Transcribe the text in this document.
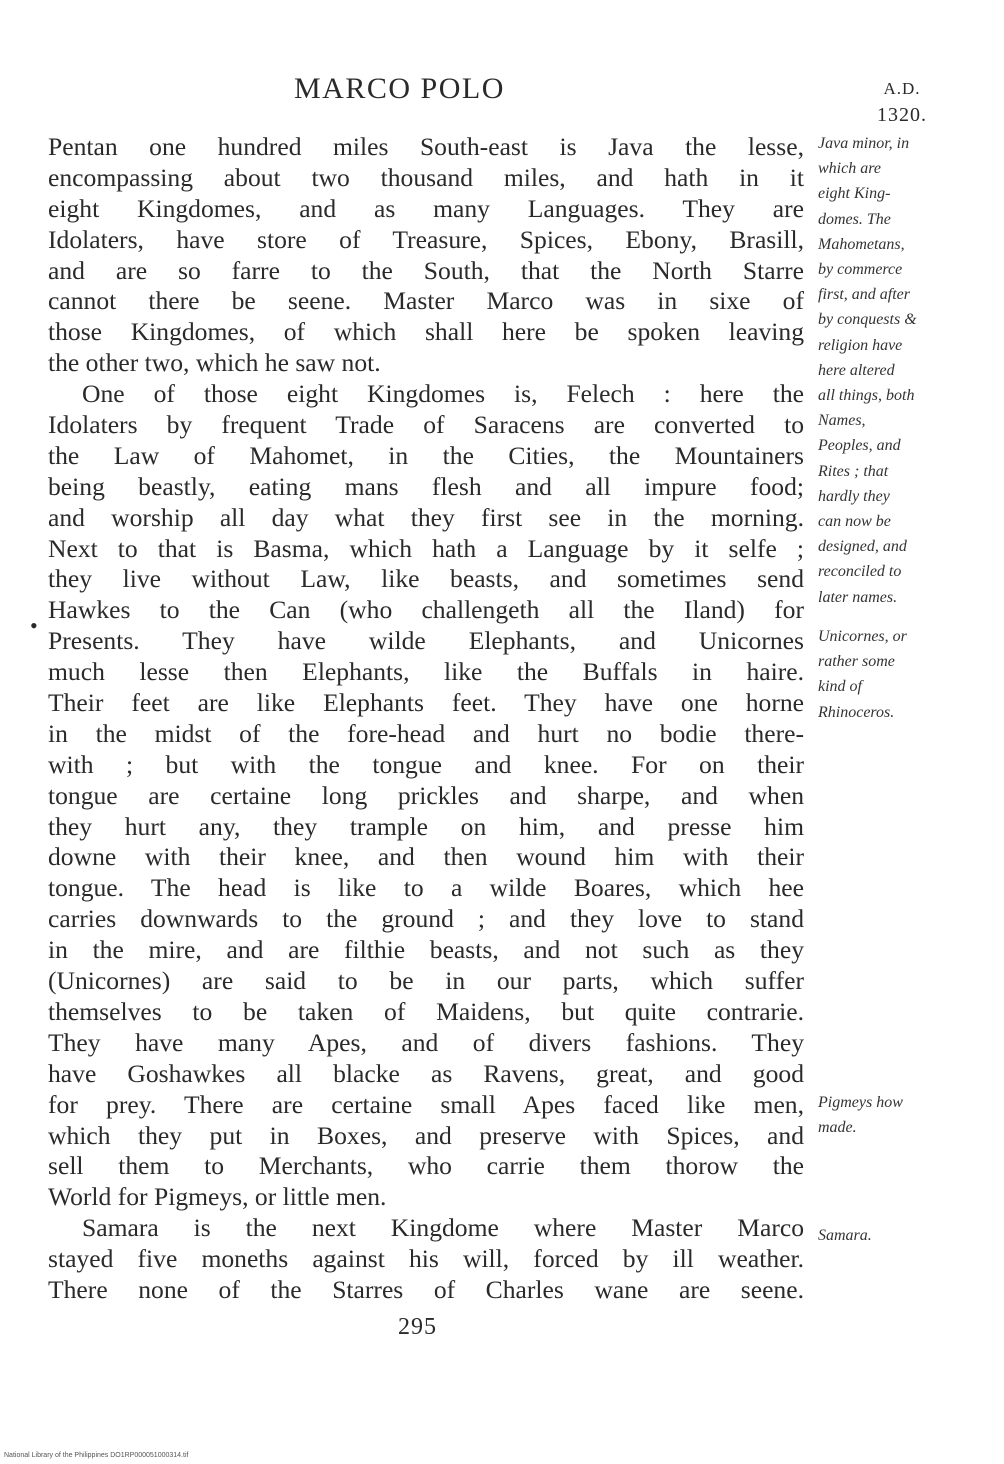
MARCO POLO	A.D.
1320.
•
Pentan one hundred miles South-east is Java the lesse,
encompassing about two thousand miles, and hath in it
eight Kingdomes, and as many Languages. They are
Idolaters, have store of Treasure, Spices, Ebony, Brasill,
and are so farre to the South, that the North Starre
cannot there be seene. Master Marco was in sixe of
those Kingdomes, of which shall here be spoken leaving
the other two, which he saw not.
One of those eight Kingdomes is, Felech : here the
Idolaters by frequent Trade of Saracens are converted to
the Law of Mahomet, in the Cities, the Mountainers
being beastly, eating mans flesh and all impure food;
and worship all day what they first see in the morning.
Next to that is Basma, which hath a Language by it selfe ;
they live without Law, like beasts, and sometimes send
Hawkes to the Can (who challengeth all the Iland) for
Presents. They have wilde Elephants, and Unicornes
much lesse then Elephants, like the Buffals in haire.
Their feet are like Elephants feet. They have one horne
in the midst of the fore-head and hurt no bodie there-
with ; but with the tongue and knee. For on their
tongue are certaine long prickles and sharpe, and when
they hurt any, they trample on him, and presse him
downe with their knee, and then wound him with their
tongue. The head is like to a wilde Boares, which hee
carries downwards to the ground ; and they love to stand
in the mire, and are filthie beasts, and not such as they
(Unicornes) are said to be in our parts, which suffer
themselves to be taken of Maidens, but quite contrarie.
They have many Apes, and of divers fashions. They
have Goshawkes all blacke as Ravens, great, and good
for prey. There are certaine small Apes faced like men,
which they put in Boxes, and preserve with Spices, and
sell them to Merchants, who carrie them thorow the
World for Pigmeys, or little men.
Samara is the next Kingdome where Master Marco
stayed five moneths against his will, forced by ill weather.
There none of the Starres of Charles wane are seene.
Java minor, in
which are
eight King-
domes. The
Mahometans,
by commerce
first, and after
by conquests &
religion have
here altered
all things, both
Names,
Peoples, and
Rites ; that
hardly they
can now be
designed, and
reconciled to
later names.
Unicornes, or
rather some
kind of
Rhinoceros.
Pigmeys how
made.
Samara.
295
National Library of the Philippines DO1RP000051000314.tif
